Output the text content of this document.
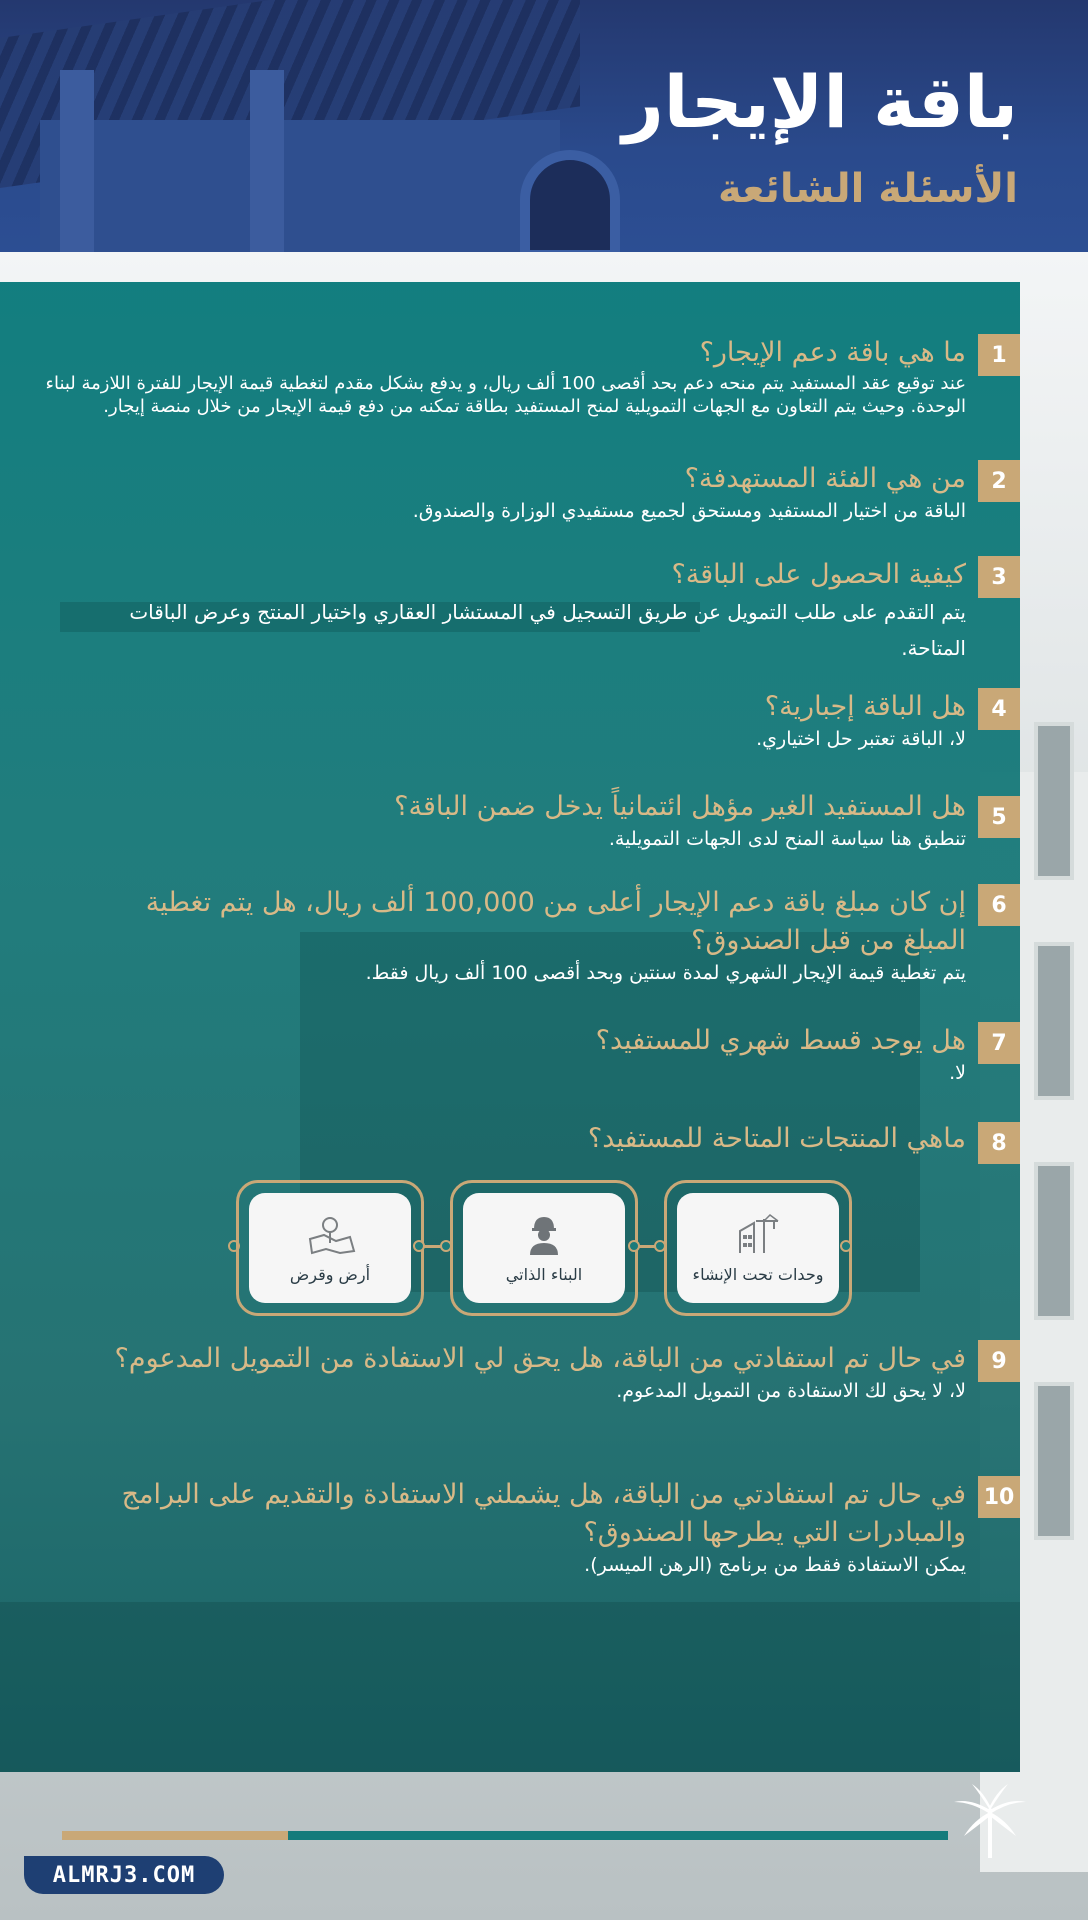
باقة الإيجار
الأسئلة الشائعة
1

ما هي باقة دعم الإيجار؟

عند توقيع عقد المستفيد يتم منحه دعم بحد أقصى 100 ألف ريال، و يدفع بشكل مقدم لتغطية قيمة الإيجار للفترة اللازمة لبناء الوحدة. وحيث يتم التعاون مع الجهات التمويلية لمنح المستفيد بطاقة تمكنه من دفع قيمة الإيجار من خلال منصة إيجار.

2

من هي الفئة المستهدفة؟

الباقة من اختيار المستفيد ومستحق لجميع مستفيدي الوزارة والصندوق.

3

كيفية الحصول على الباقة؟

يتم التقدم على طلب التمويل عن طريق التسجيل في المستشار العقاري واختيار المنتج وعرض الباقات المتاحة.

4

هل الباقة إجبارية؟

لا، الباقة تعتبر حل اختياري.

5

هل المستفيد الغير مؤهل ائتمانياً يدخل ضمن الباقة؟

تنطبق هنا سياسة المنح لدى الجهات التمويلية.

6

إن كان مبلغ باقة دعم الإيجار أعلى من 100,000 ألف ريال، هل يتم تغطية المبلغ من قبل الصندوق؟

يتم تغطية قيمة الإيجار الشهري لمدة سنتين وبحد أقصى 100 ألف ريال فقط.

7

هل يوجد قسط شهري للمستفيد؟

لا.

8

ماهي المنتجات المتاحة للمستفيد؟

9

في حال تم استفادتي من الباقة، هل يحق لي الاستفادة من التمويل المدعوم؟

لا، لا يحق لك الاستفادة من التمويل المدعوم.

10

في حال تم استفادتي من الباقة، هل يشملني الاستفادة والتقديم على البرامج والمبادرات التي يطرحها الصندوق؟

يمكن الاستفادة فقط من برنامج (الرهن الميسر).

أرض وقرض	البناء الذاتي	وحدات تحت الإنشاء
ALMRJ3.COM
